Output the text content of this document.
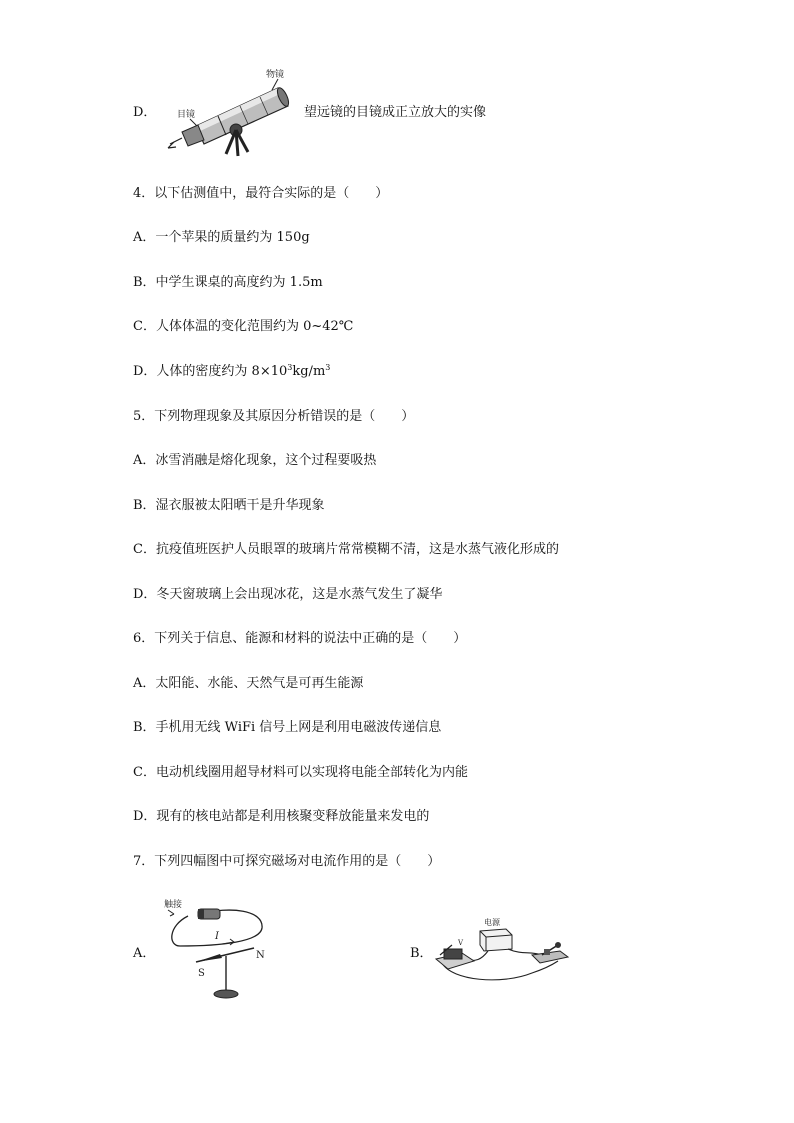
D．
物镜
目镜	望远镜的目镜成正立放大的实像
4．以下估测值中，最符合实际的是（　　）
A．一个苹果的质量约为 150g
B．中学生课桌的高度约为 1.5m
C．人体体温的变化范围约为 0~42℃
D．人体的密度约为 $8\times 10^3kg/m^3$
5．下列物理现象及其原因分析错误的是（　　）
A．冰雪消融是熔化现象，这个过程要吸热
B．湿衣服被太阳晒干是升华现象
C．抗疫值班医护人员眼罩的玻璃片常常模糊不清，这是水蒸气液化形成的
D．冬天窗玻璃上会出现冰花，这是水蒸气发生了凝华
6．下列关于信息、能源和材料的说法中正确的是（　　）
A．太阳能、水能、天然气是可再生能源
B．手机用无线 WiFi 信号上网是利用电磁波传递信息
C．电动机线圈用超导材料可以实现将电能全部转化为内能
D．现有的核电站都是利用核聚变释放能量来发电的
7．下列四幅图中可探究磁场对电流作用的是（　　）
A．
触接
I
S
N	B．
电源
V
